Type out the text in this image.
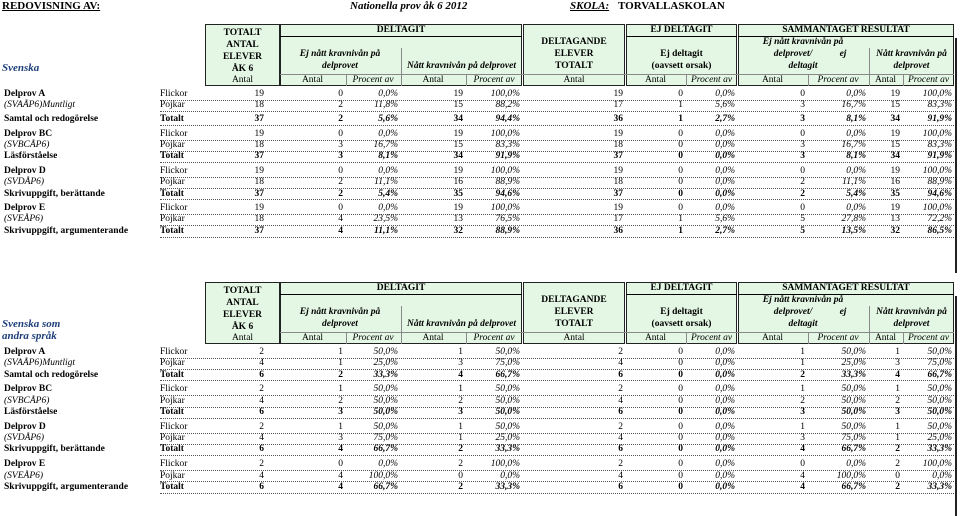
REDOVISNING AV:	Nationella prov åk 6 2012	SKOLA: TORVALLASKOLAN
DELTAGIT	EJ DELTAGIT	SAMMANTAGET RESULTAT
TOTALT
ANTAL
ELEVER
ÅK 6
Ej nått kravnivån på
delprovet	Nått kravnivån på delprovet
DELTAGANDE
ELEVER
TOTALT
Ej deltagit
(oavsett orsak)
Ej nått kravnivån på
delprovet/	ej
deltagit
Nått kravnivån på
delprovet
Svenska
Antal	Antal	Procent av	Antal	Procent av	Antal	Antal	Procent av	Antal	Procent av	Antal	Procent av
Delprov A
(SVAÅP6)Muntligt
Flickor	19	0	0,0%	19	100,0%	19	0	0,0%	0	0,0%	19	100,0%
Pojkar	18	2	11,8%	15	88,2%	17	1	5,6%	3	16,7%	15	83,3%
Samtal och redogörelse	Totalt	37	2	5,6%	34	94,4%	36	1	2,7%	3	8,1%	34	91,9%
Delprov BC
(SVBCÅP6)
Läsförståelse
Flickor	19	0	0,0%	19	100,0%	19	0	0,0%	0	0,0%	19	100,0%
Pojkar	18	3	16,7%	15	83,3%	18	0	0,0%	3	16,7%	15	83,3%
Totalt	37	3	8,1%	34	91,9%	37	0	0,0%	3	8,1%	34	91,9%
Delprov D
(SVDÅP6)
Skrivuppgift, berättande
Flickor	19	0	0,0%	19	100,0%	19	0	0,0%	0	0,0%	19	100,0%
Pojkar	18	2	11,1%	16	88,9%	18	0	0,0%	2	11,1%	16	88,9%
Totalt	37	2	5,4%	35	94,6%	37	0	0,0%	2	5,4%	35	94,6%
Delprov E
(SVEÅP6)
Skrivuppgift, argumenterande
Flickor	19	0	0,0%	19	100,0%	19	0	0,0%	0	0,0%	19	100,0%
Pojkar	18	4	23,5%	13	76,5%	17	1	5,6%	5	27,8%	13	72,2%
Totalt	37	4	11,1%	32	88,9%	36	1	2,7%	5	13,5%	32	86,5%
DELTAGIT	EJ DELTAGIT	SAMMANTAGET RESULTAT
TOTALT
ANTAL
ELEVER
ÅK 6
Ej nått kravnivån på
delprovet	Nått kravnivån på delprovet
DELTAGANDE
ELEVER
TOTALT
Ej deltagit
(oavsett orsak)
Ej nått kravnivån på
delprovet/	ej
deltagit
Nått kravnivån på
delprovet
Svenska som
andra språk	Antal	Antal	Procent av	Antal	Procent av	Antal	Antal	Procent av	Antal	Procent av	Antal	Procent av
Delprov A
(SVAÅP6)Muntligt
Samtal och redogörelse
Flickor	2	1	50,0%	1	50,0%	2	0	0,0%	1	50,0%	1	50,0%
Pojkar	4	1	25,0%	3	75,0%	4	0	0,0%	1	25,0%	3	75,0%
Totalt	6	2	33,3%	4	66,7%	6	0	0,0%	2	33,3%	4	66,7%
Delprov BC
(SVBCÅP6)
Läsförståelse
Flickor	2	1	50,0%	1	50,0%	2	0	0,0%	1	50,0%	1	50,0%
Pojkar	4	2	50,0%	2	50,0%	4	0	0,0%	2	50,0%	2	50,0%
Totalt	6	3	50,0%	3	50,0%	6	0	0,0%	3	50,0%	3	50,0%
Delprov D
(SVDÅP6)
Skrivuppgift, berättande
Flickor	2	1	50,0%	1	50,0%	2	0	0,0%	1	50,0%	1	50,0%
Pojkar	4	3	75,0%	1	25,0%	4	0	0,0%	3	75,0%	1	25,0%
Totalt	6	4	66,7%	2	33,3%	6	0	0,0%	4	66,7%	2	33,3%
Delprov E
(SVEÅP6)
Skrivuppgift, argumenterande
Flickor	2	0	0,0%	2	100,0%	2	0	0,0%	0	0,0%	2	100,0%
Pojkar	4	4	100,0%	0	0,0%	4	0	0,0%	4	100,0%	0	0,0%
Totalt	6	4	66,7%	2	33,3%	6	0	0,0%	4	66,7%	2	33,3%
